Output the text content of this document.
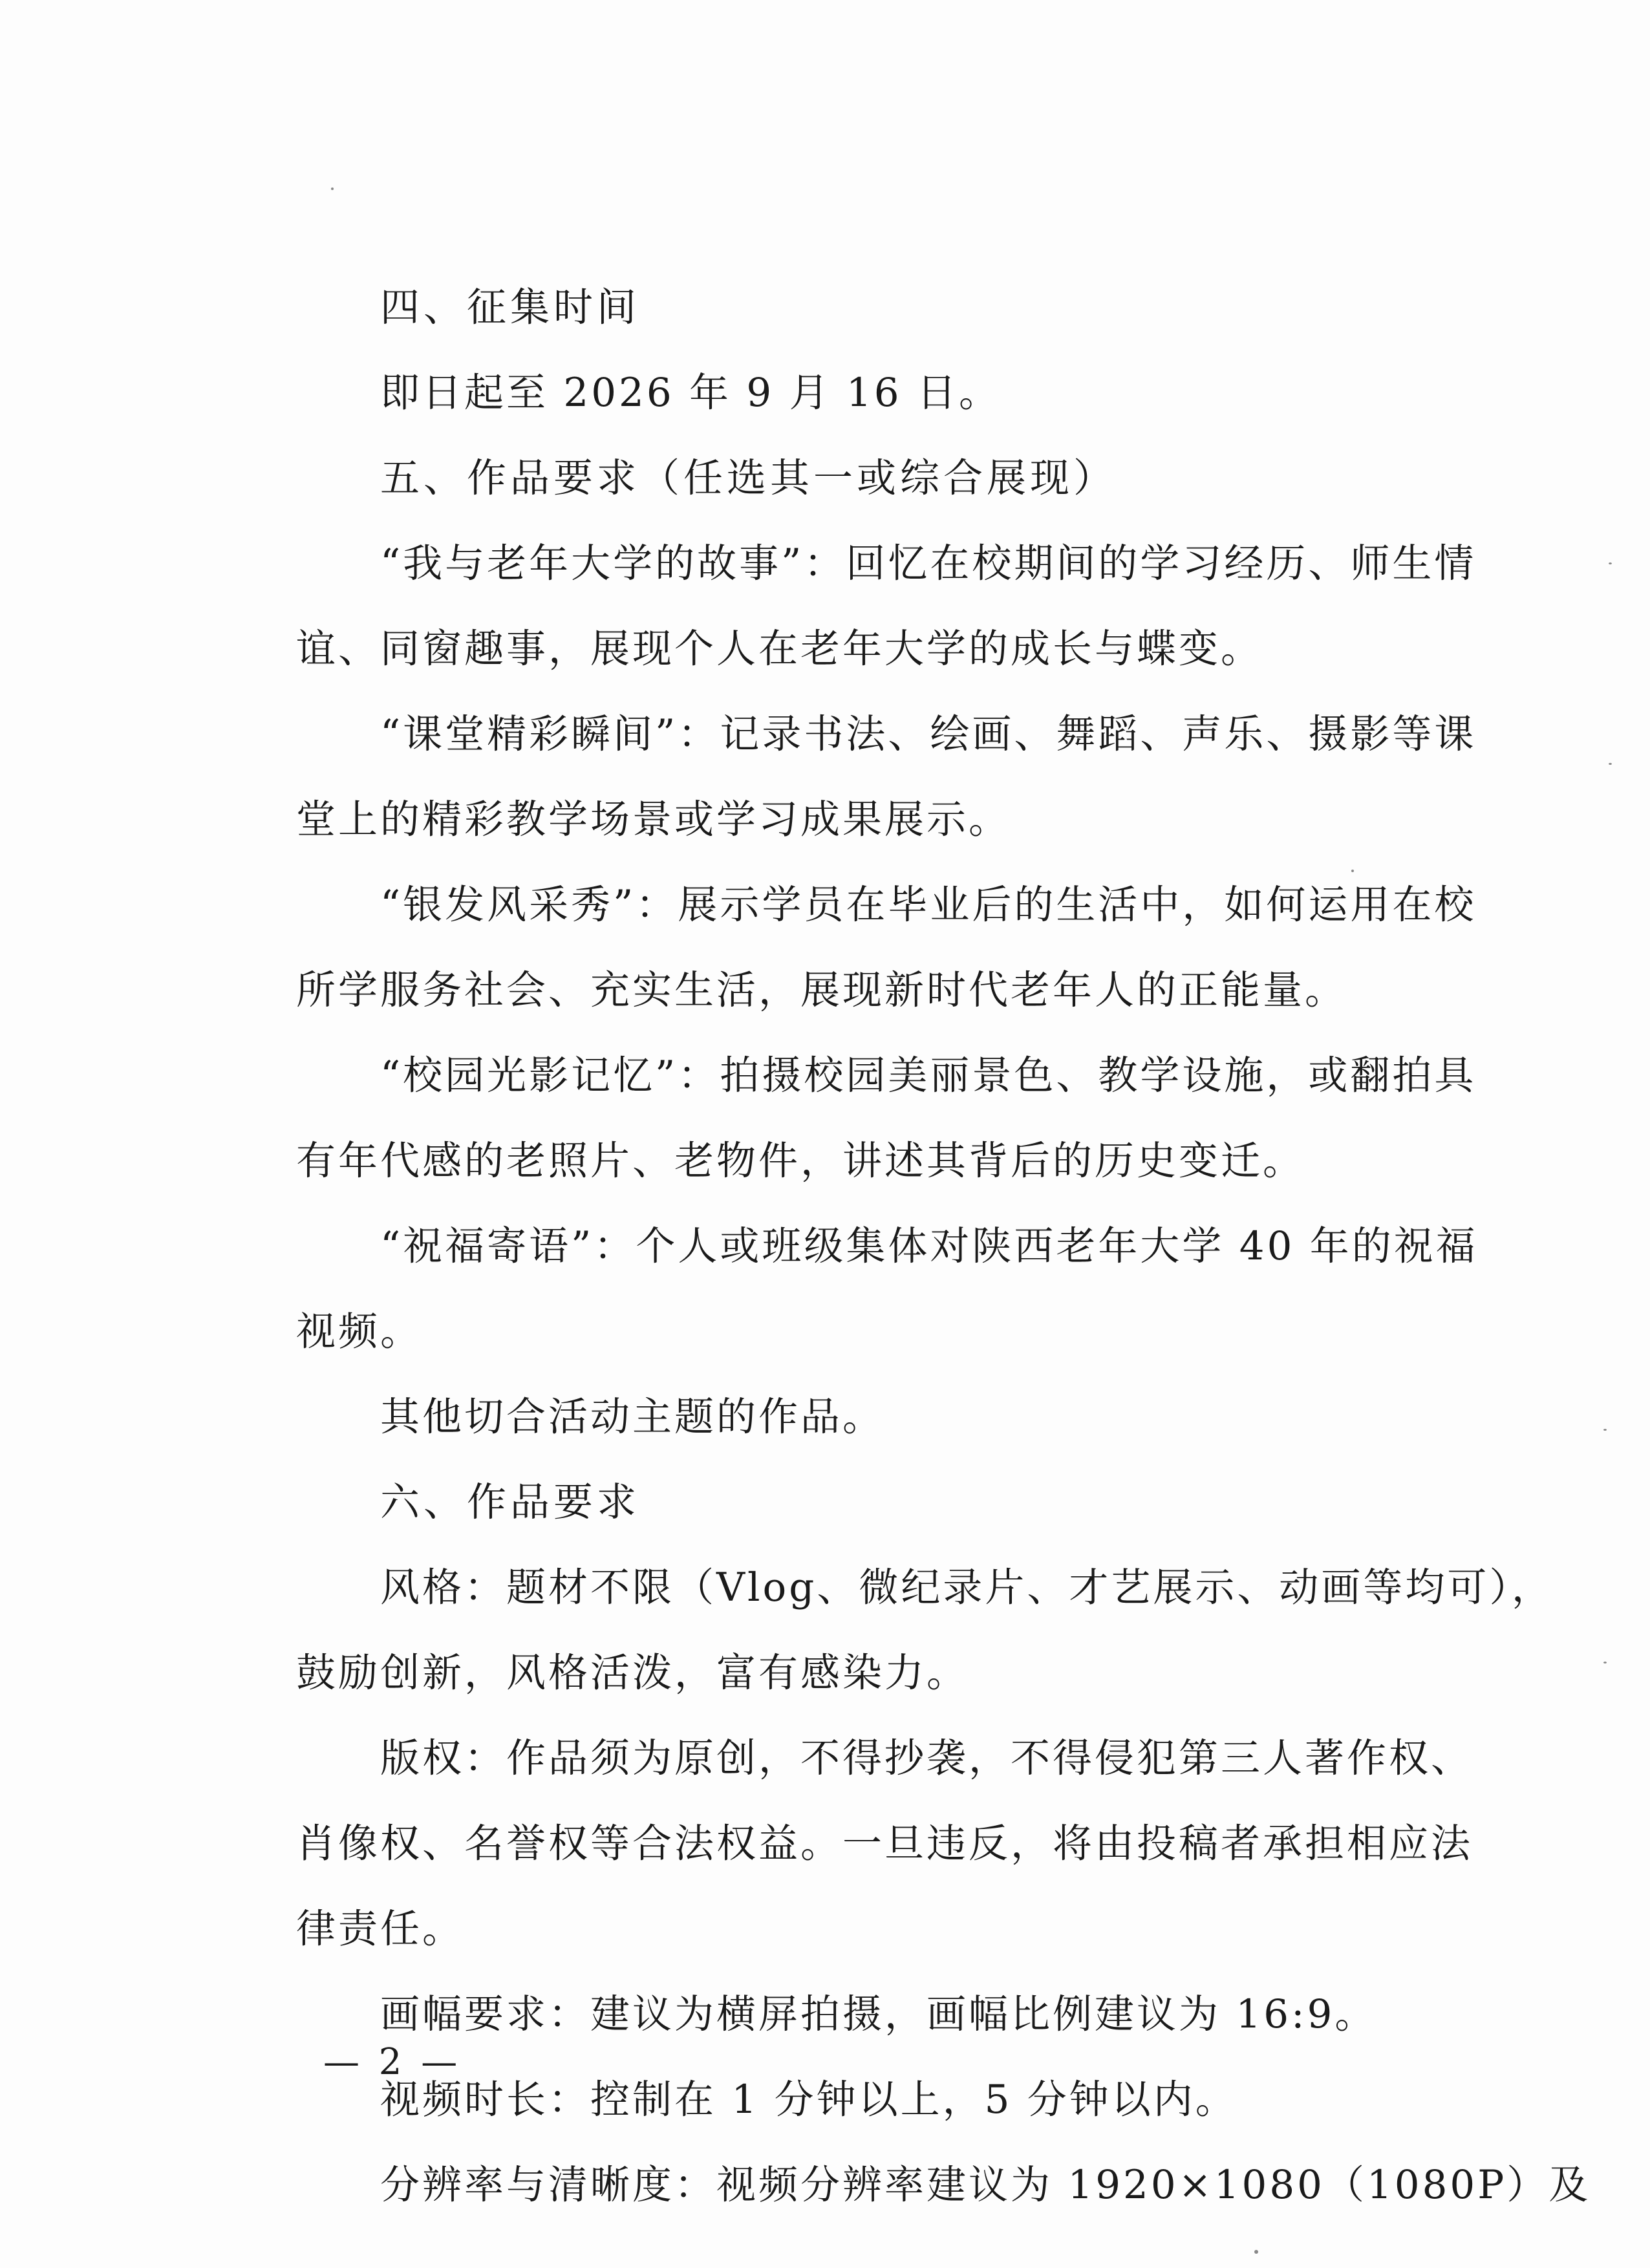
四、征集时间
即日起至 2026 年 9 月 16 日。
五、作品要求（任选其一或综合展现）
“我与老年大学的故事”：回忆在校期间的学习经历、师生情
谊、同窗趣事，展现个人在老年大学的成长与蝶变。
“课堂精彩瞬间”：记录书法、绘画、舞蹈、声乐、摄影等课
堂上的精彩教学场景或学习成果展示。
“银发风采秀”：展示学员在毕业后的生活中，如何运用在校
所学服务社会、充实生活，展现新时代老年人的正能量。
“校园光影记忆”：拍摄校园美丽景色、教学设施，或翻拍具
有年代感的老照片、老物件，讲述其背后的历史变迁。
“祝福寄语”：个人或班级集体对陕西老年大学 40 年的祝福
视频。
其他切合活动主题的作品。
六、作品要求
风格：题材不限（Vlog、微纪录片、才艺展示、动画等均可），
鼓励创新，风格活泼，富有感染力。
版权：作品须为原创，不得抄袭，不得侵犯第三人著作权、
肖像权、名誉权等合法权益。一旦违反，将由投稿者承担相应法
律责任。
画幅要求：建议为横屏拍摄，画幅比例建议为 16:9。
视频时长：控制在 1 分钟以上，5 分钟以内。
分辨率与清晰度：视频分辨率建议为 1920×1080（1080P）及
— 2 —
